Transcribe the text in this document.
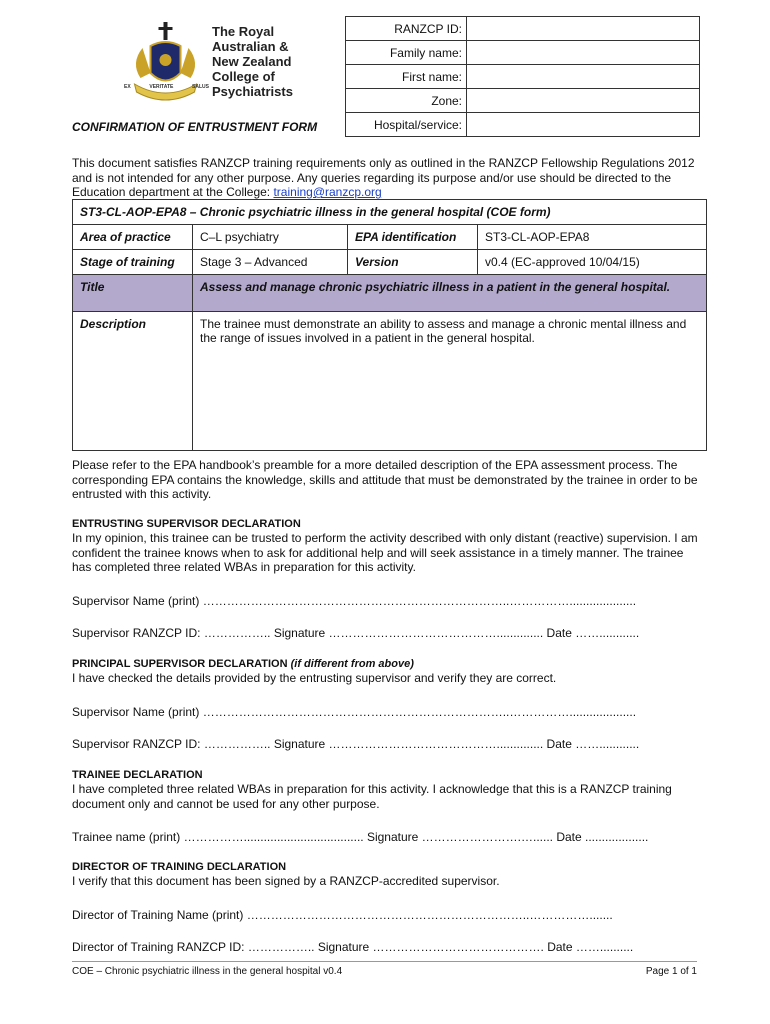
The Royal
Australian &
New Zealand
College of
Psychiatrists
EX	VERITATE	SALUS
CONFIRMATION OF ENTRUSTMENT FORM
RANZCP ID:	
Family name:	
First name:	
Zone:	
Hospital/service:	
This document satisfies RANZCP training requirements only as outlined in the RANZCP Fellowship Regulations 2012 and is not intended for any other purpose. Any queries regarding its purpose and/or use should be directed to the Education department at the College: training@ranzcp.org
ST3-CL-AOP-EPA8 – Chronic psychiatric illness in the general hospital (COE form)			
Area of practice	C–L psychiatry	EPA identification	ST3-CL-AOP-EPA8
Stage of training	Stage 3 – Advanced	Version	v0.4 (EC-approved 10/04/15)
Title	Assess and manage chronic psychiatric illness in a patient in the general hospital.		
Description	The trainee must demonstrate an ability to assess and manage a chronic mental illness and the range of issues involved in a patient in the general hospital.		
Please refer to the EPA handbook’s preamble for a more detailed description of the EPA assessment process. The corresponding EPA contains the knowledge, skills and attitude that must be demonstrated by the trainee in order to be entrusted with this activity.
ENTRUSTING SUPERVISOR DECLARATION
In my opinion, this trainee can be trusted to perform the activity described with only distant (reactive) supervision. I am confident the trainee knows when to ask for additional help and will seek assistance in a timely manner. The trainee has completed three related WBAs in preparation for this activity.
Supervisor Name (print) …………………………………………………………………..……………....................
Supervisor RANZCP ID: …………….. Signature …………………………………….............. Date ……............
PRINCIPAL SUPERVISOR DECLARATION (if different from above)
I have checked the details provided by the entrusting supervisor and verify they are correct.
Supervisor Name (print) …………………………………………………………………..……………....................
Supervisor RANZCP ID: …………….. Signature …………………………………….............. Date ……............
TRAINEE DECLARATION
I have completed three related WBAs in preparation for this activity. I acknowledge that this is a RANZCP training document only and cannot be used for any other purpose.
Trainee name (print) …………….................................... Signature …………………….…...... Date ...................
DIRECTOR OF TRAINING DECLARATION
I verify that this document has been signed by a RANZCP-accredited supervisor.
Director of Training Name (print) ……………………………………………………………..…………….......
Director of Training RANZCP ID: …………….. Signature ……………………………………. Date ……..........
COE – Chronic psychiatric illness in the general hospital v0.4	Page 1 of 1
